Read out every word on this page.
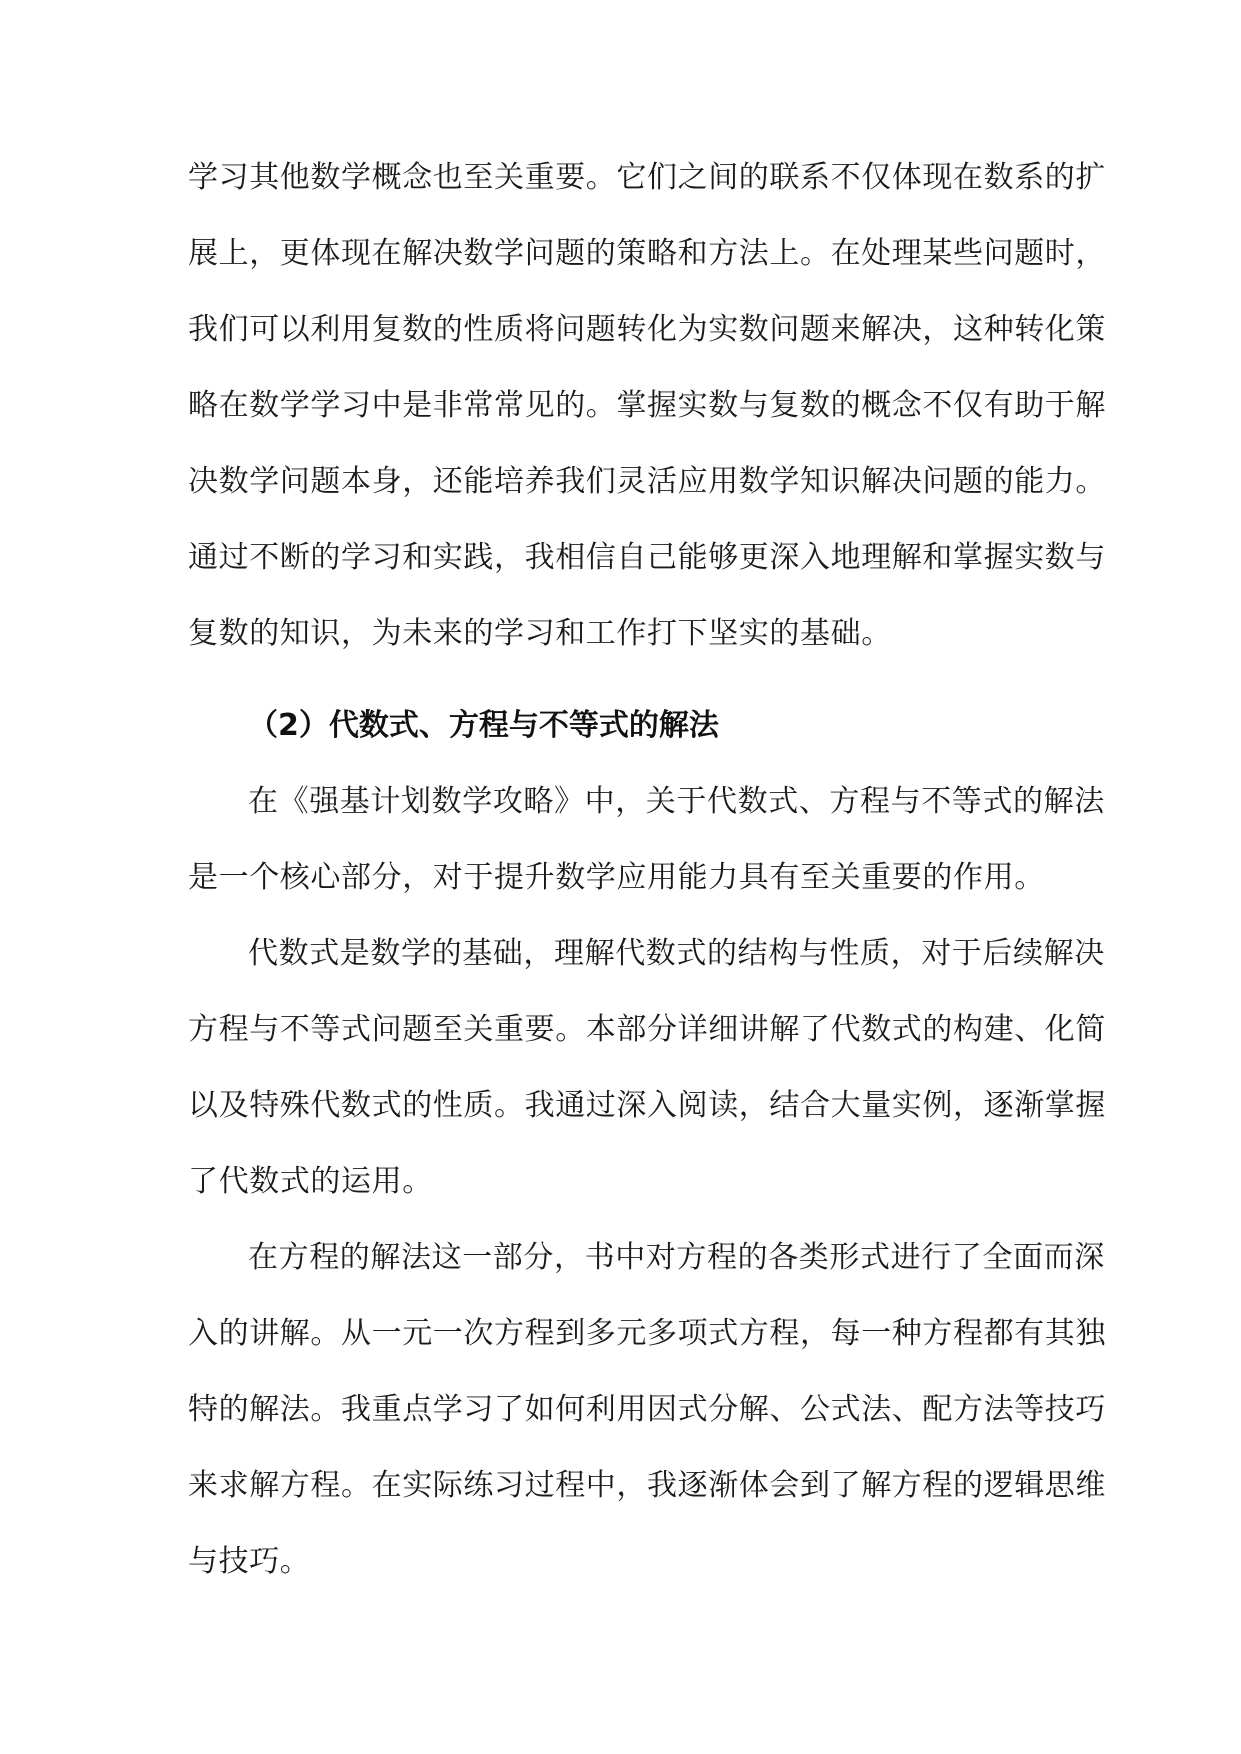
学习其他数学概念也至关重要。它们之间的联系不仅体现在数系的扩
展上，更体现在解决数学问题的策略和方法上。在处理某些问题时，
我们可以利用复数的性质将问题转化为实数问题来解决，这种转化策
略在数学学习中是非常常见的。掌握实数与复数的概念不仅有助于解
决数学问题本身，还能培养我们灵活应用数学知识解决问题的能力。
通过不断的学习和实践，我相信自己能够更深入地理解和掌握实数与
复数的知识，为未来的学习和工作打下坚实的基础。
（2）代数式、方程与不等式的解法
在《强基计划数学攻略》中，关于代数式、方程与不等式的解法
是一个核心部分，对于提升数学应用能力具有至关重要的作用。
代数式是数学的基础，理解代数式的结构与性质，对于后续解决
方程与不等式问题至关重要。本部分详细讲解了代数式的构建、化简
以及特殊代数式的性质。我通过深入阅读，结合大量实例，逐渐掌握
了代数式的运用。
在方程的解法这一部分，书中对方程的各类形式进行了全面而深
入的讲解。从一元一次方程到多元多项式方程，每一种方程都有其独
特的解法。我重点学习了如何利用因式分解、公式法、配方法等技巧
来求解方程。在实际练习过程中，我逐渐体会到了解方程的逻辑思维
与技巧。
